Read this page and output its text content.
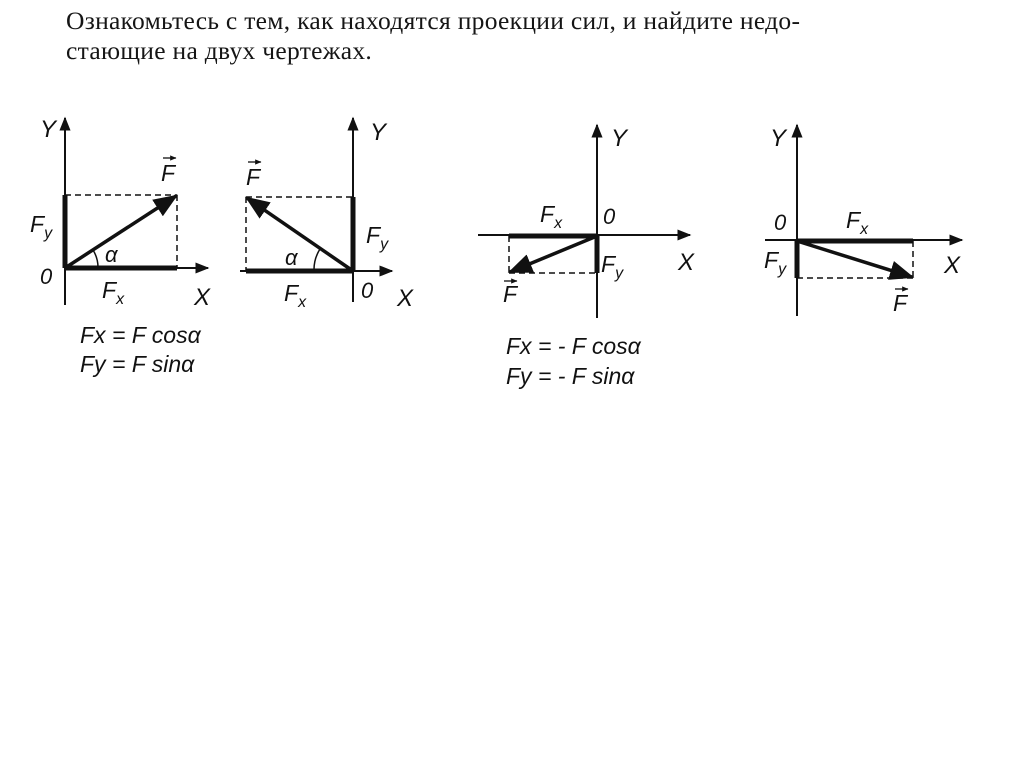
Ознакомьтесь с тем, как находятся проекции сил, и найдите недо-
стающие на двух чертежах.
α
Y
X
0
F
$F_y$
$F_x$
Fx = F cosα
Fy = F sinα
α
Y
X
0
F
$F_y$
$F_x$
Y
X
0
F
$F_x$
$F_y$
Fx = - F cosα
Fy = - F sinα
Y
X
0
F
$F_x$
$F_y$
